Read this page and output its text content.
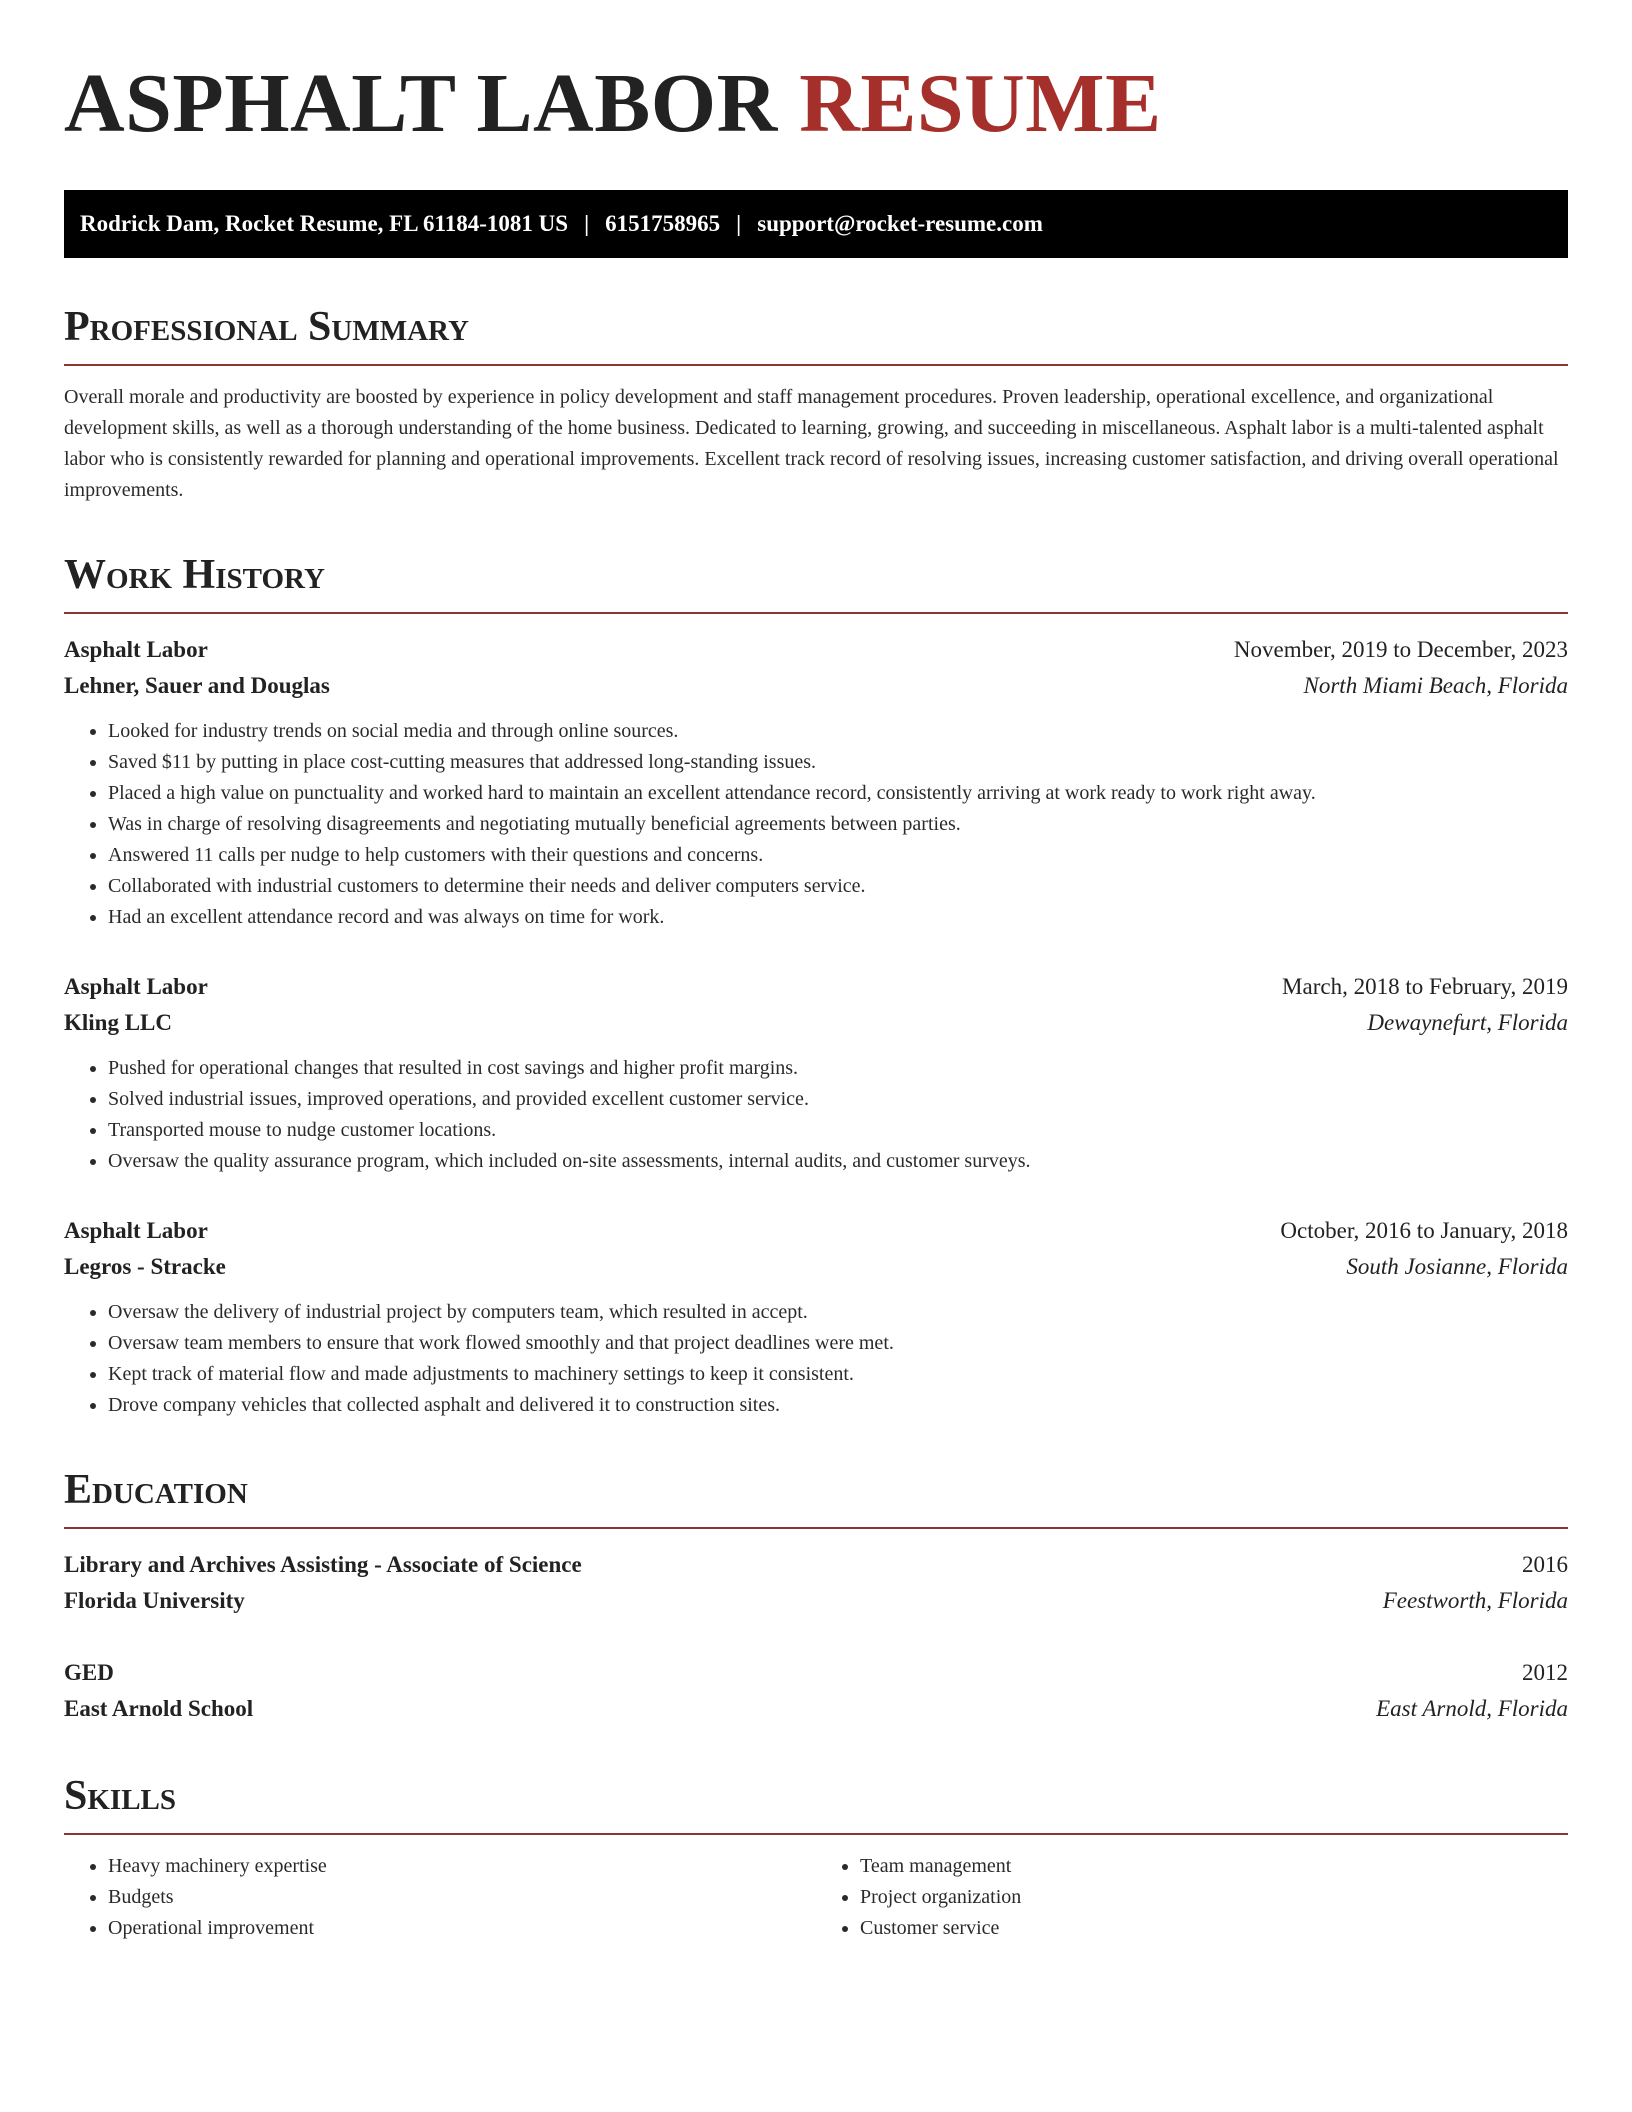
ASPHALT LABOR RESUME
Rodrick Dam, Rocket Resume, FL 61184-1081 US | 6151758965 | support@rocket-resume.com
Professional Summary

Overall morale and productivity are boosted by experience in policy development and staff management procedures. Proven leadership, operational excellence, and organizational development skills, as well as a thorough understanding of the home business. Dedicated to learning, growing, and succeeding in miscellaneous. Asphalt labor is a multi-talented asphalt labor who is consistently rewarded for planning and operational improvements. Excellent track record of resolving issues, increasing customer satisfaction, and driving overall operational improvements.

Work History
Asphalt Labor	November, 2019 to December, 2023
Lehner, Sauer and Douglas	North Miami Beach, Florida
• Looked for industry trends on social media and through online sources.
• Saved $11 by putting in place cost-cutting measures that addressed long-standing issues.
• Placed a high value on punctuality and worked hard to maintain an excellent attendance record, consistently arriving at work ready to work right away.
• Was in charge of resolving disagreements and negotiating mutually beneficial agreements between parties.
• Answered 11 calls per nudge to help customers with their questions and concerns.
• Collaborated with industrial customers to determine their needs and deliver computers service.
• Had an excellent attendance record and was always on time for work.
Asphalt Labor	March, 2018 to February, 2019
Kling LLC	Dewaynefurt, Florida
• Pushed for operational changes that resulted in cost savings and higher profit margins.
• Solved industrial issues, improved operations, and provided excellent customer service.
• Transported mouse to nudge customer locations.
• Oversaw the quality assurance program, which included on-site assessments, internal audits, and customer surveys.
Asphalt Labor	October, 2016 to January, 2018
Legros - Stracke	South Josianne, Florida
• Oversaw the delivery of industrial project by computers team, which resulted in accept.
• Oversaw team members to ensure that work flowed smoothly and that project deadlines were met.
• Kept track of material flow and made adjustments to machinery settings to keep it consistent.
• Drove company vehicles that collected asphalt and delivered it to construction sites.
Education
Library and Archives Assisting - Associate of Science	2016
Florida University	Feestworth, Florida
GED	2012
East Arnold School	East Arnold, Florida
Skills
• Heavy machinery expertise
• Budgets
• Operational improvement
• Team management
• Project organization
• Customer service
